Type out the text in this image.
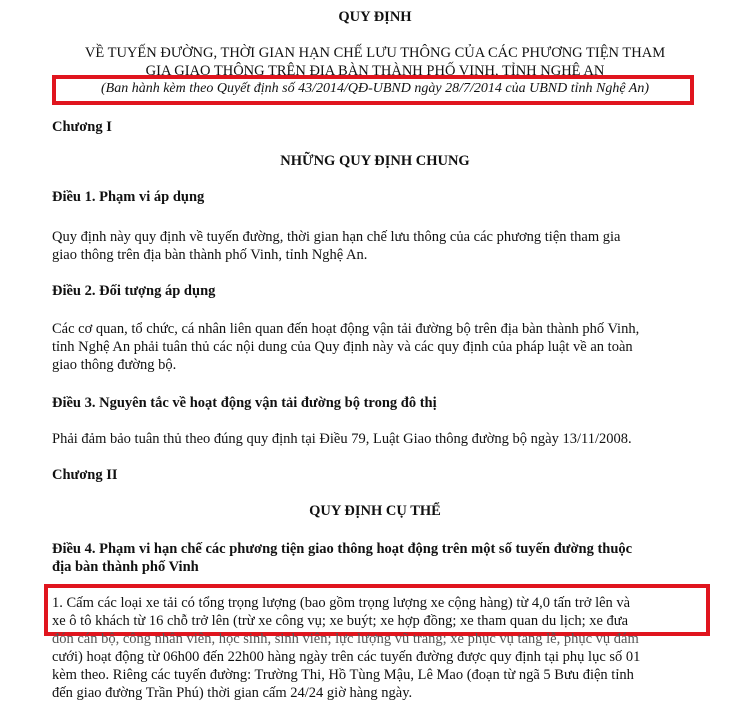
QUY ĐỊNH
VỀ TUYẾN ĐƯỜNG, THỜI GIAN HẠN CHẾ LƯU THÔNG CỦA CÁC PHƯƠNG TIỆN THAM
GIA GIAO THÔNG TRÊN ĐỊA BÀN THÀNH PHỐ VINH, TỈNH NGHỆ AN
(Ban hành kèm theo Quyết định số 43/2014/QĐ-UBND ngày 28/7/2014 của UBND tỉnh Nghệ An)
Chương I
NHỮNG QUY ĐỊNH CHUNG
Điều 1. Phạm vi áp dụng
Quy định này quy định về tuyến đường, thời gian hạn chế lưu thông của các phương tiện tham gia
giao thông trên địa bàn thành phố Vinh, tỉnh Nghệ An.
Điều 2. Đối tượng áp dụng
Các cơ quan, tổ chức, cá nhân liên quan đến hoạt động vận tải đường bộ trên địa bàn thành phố Vinh,
tỉnh Nghệ An phải tuân thủ các nội dung của Quy định này và các quy định của pháp luật về an toàn
giao thông đường bộ.
Điều 3. Nguyên tắc về hoạt động vận tải đường bộ trong đô thị
Phải đảm bảo tuân thủ theo đúng quy định tại Điều 79, Luật Giao thông đường bộ ngày 13/11/2008.
Chương II
QUY ĐỊNH CỤ THỂ
Điều 4. Phạm vi hạn chế các phương tiện giao thông hoạt động trên một số tuyến đường thuộc
địa bàn thành phố Vinh
1. Cấm các loại xe tải có tổng trọng lượng (bao gồm trọng lượng xe cộng hàng) từ 4,0 tấn trở lên và
xe ô tô khách từ 16 chỗ trở lên (trừ xe công vụ; xe buýt; xe hợp đồng; xe tham quan du lịch; xe đưa
đón cán bộ, công nhân viên, học sinh, sinh viên; lực lượng vũ trang; xe phục vụ tang lễ, phục vụ đám
cưới) hoạt động từ 06h00 đến 22h00 hàng ngày trên các tuyến đường được quy định tại phụ lục số 01
kèm theo. Riêng các tuyến đường: Trường Thi, Hồ Tùng Mậu, Lê Mao (đoạn từ ngã 5 Bưu điện tỉnh
đến giao đường Trần Phú) thời gian cấm 24/24 giờ hàng ngày.
